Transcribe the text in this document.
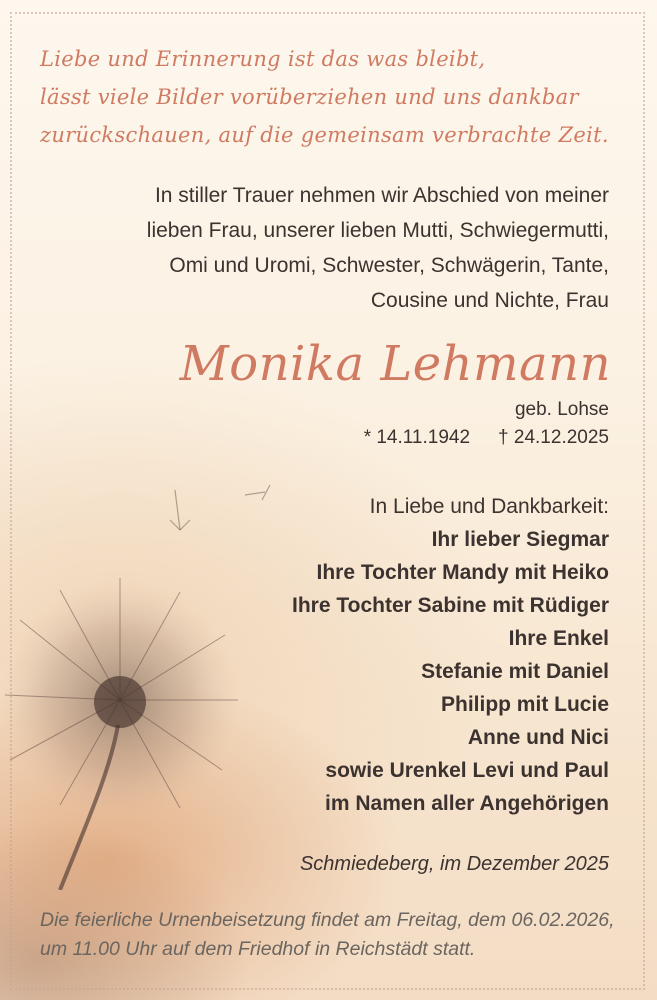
Liebe und Erinnerung ist das was bleibt,
lässt viele Bilder vorüberziehen und uns dankbar
zurückschauen, auf die gemeinsam verbrachte Zeit.
In stiller Trauer nehmen wir Abschied von meiner
lieben Frau, unserer lieben Mutti, Schwiegermutti,
Omi und Uromi, Schwester, Schwägerin, Tante,
Cousine und Nichte, Frau
Monika Lehmann
geb. Lohse
* 14.11.1942 † 24.12.2025
In Liebe und Dankbarkeit:
Ihr lieber Siegmar
Ihre Tochter Mandy mit Heiko
Ihre Tochter Sabine mit Rüdiger
Ihre Enkel
Stefanie mit Daniel
Philipp mit Lucie
Anne und Nici
sowie Urenkel Levi und Paul
im Namen aller Angehörigen
Schmiedeberg, im Dezember 2025
Die feierliche Urnenbeisetzung findet am Freitag, dem 06.02.2026,
um 11.00 Uhr auf dem Friedhof in Reichstädt statt.
